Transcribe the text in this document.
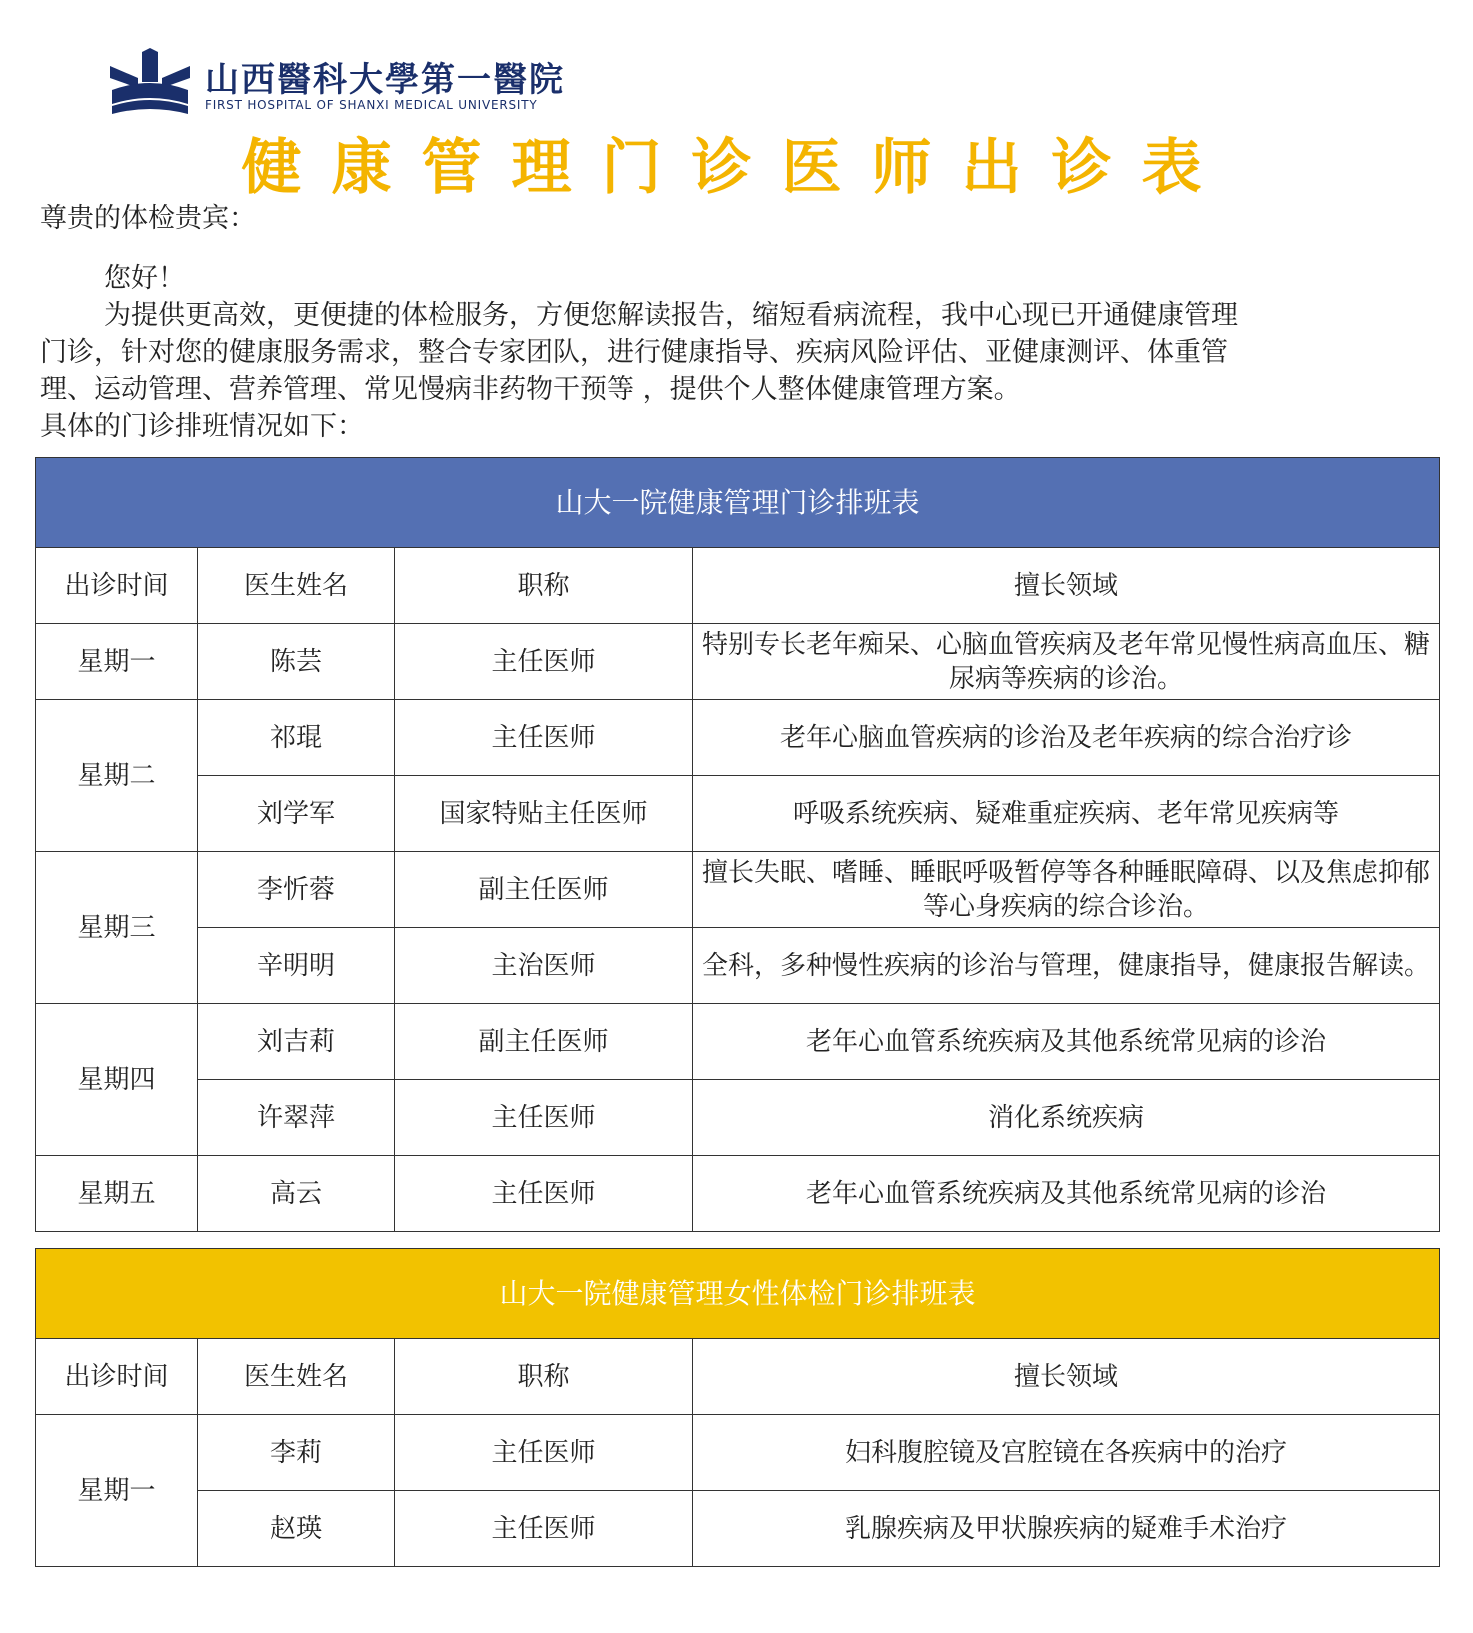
山西醫科大學第一醫院
FIRST HOSPITAL OF SHANXI MEDICAL UNIVERSITY
健康管理门诊医师出诊表
尊贵的体检贵宾：
您好！
为提供更高效，更便捷的体检服务，方便您解读报告，缩短看病流程，我中心现已开通健康管理
门诊，针对您的健康服务需求，整合专家团队，进行健康指导、疾病风险评估、亚健康测评、体重管
理、运动管理、营养管理、常见慢病非药物干预等 ，提供个人整体健康管理方案。
具体的门诊排班情况如下：
山大一院健康管理门诊排班表			
出诊时间	医生姓名	职称	擅长领域
星期一	陈芸	主任医师	特别专长老年痴呆、心脑血管疾病及老年常见慢性病高血压、糖尿病等疾病的诊治。
星期二	祁琨	主任医师	老年心脑血管疾病的诊治及老年疾病的综合治疗诊
	刘学军	国家特贴主任医师	呼吸系统疾病、疑难重症疾病、老年常见疾病等
星期三	李忻蓉	副主任医师	擅长失眠、嗜睡、睡眠呼吸暂停等各种睡眠障碍、以及焦虑抑郁等心身疾病的综合诊治。
	辛明明	主治医师	全科，多种慢性疾病的诊治与管理，健康指导，健康报告解读。
星期四	刘吉莉	副主任医师	老年心血管系统疾病及其他系统常见病的诊治
	许翠萍	主任医师	消化系统疾病
星期五	高云	主任医师	老年心血管系统疾病及其他系统常见病的诊治
山大一院健康管理女性体检门诊排班表			
出诊时间	医生姓名	职称	擅长领域
星期一	李莉	主任医师	妇科腹腔镜及宫腔镜在各疾病中的治疗
	赵瑛	主任医师	乳腺疾病及甲状腺疾病的疑难手术治疗
